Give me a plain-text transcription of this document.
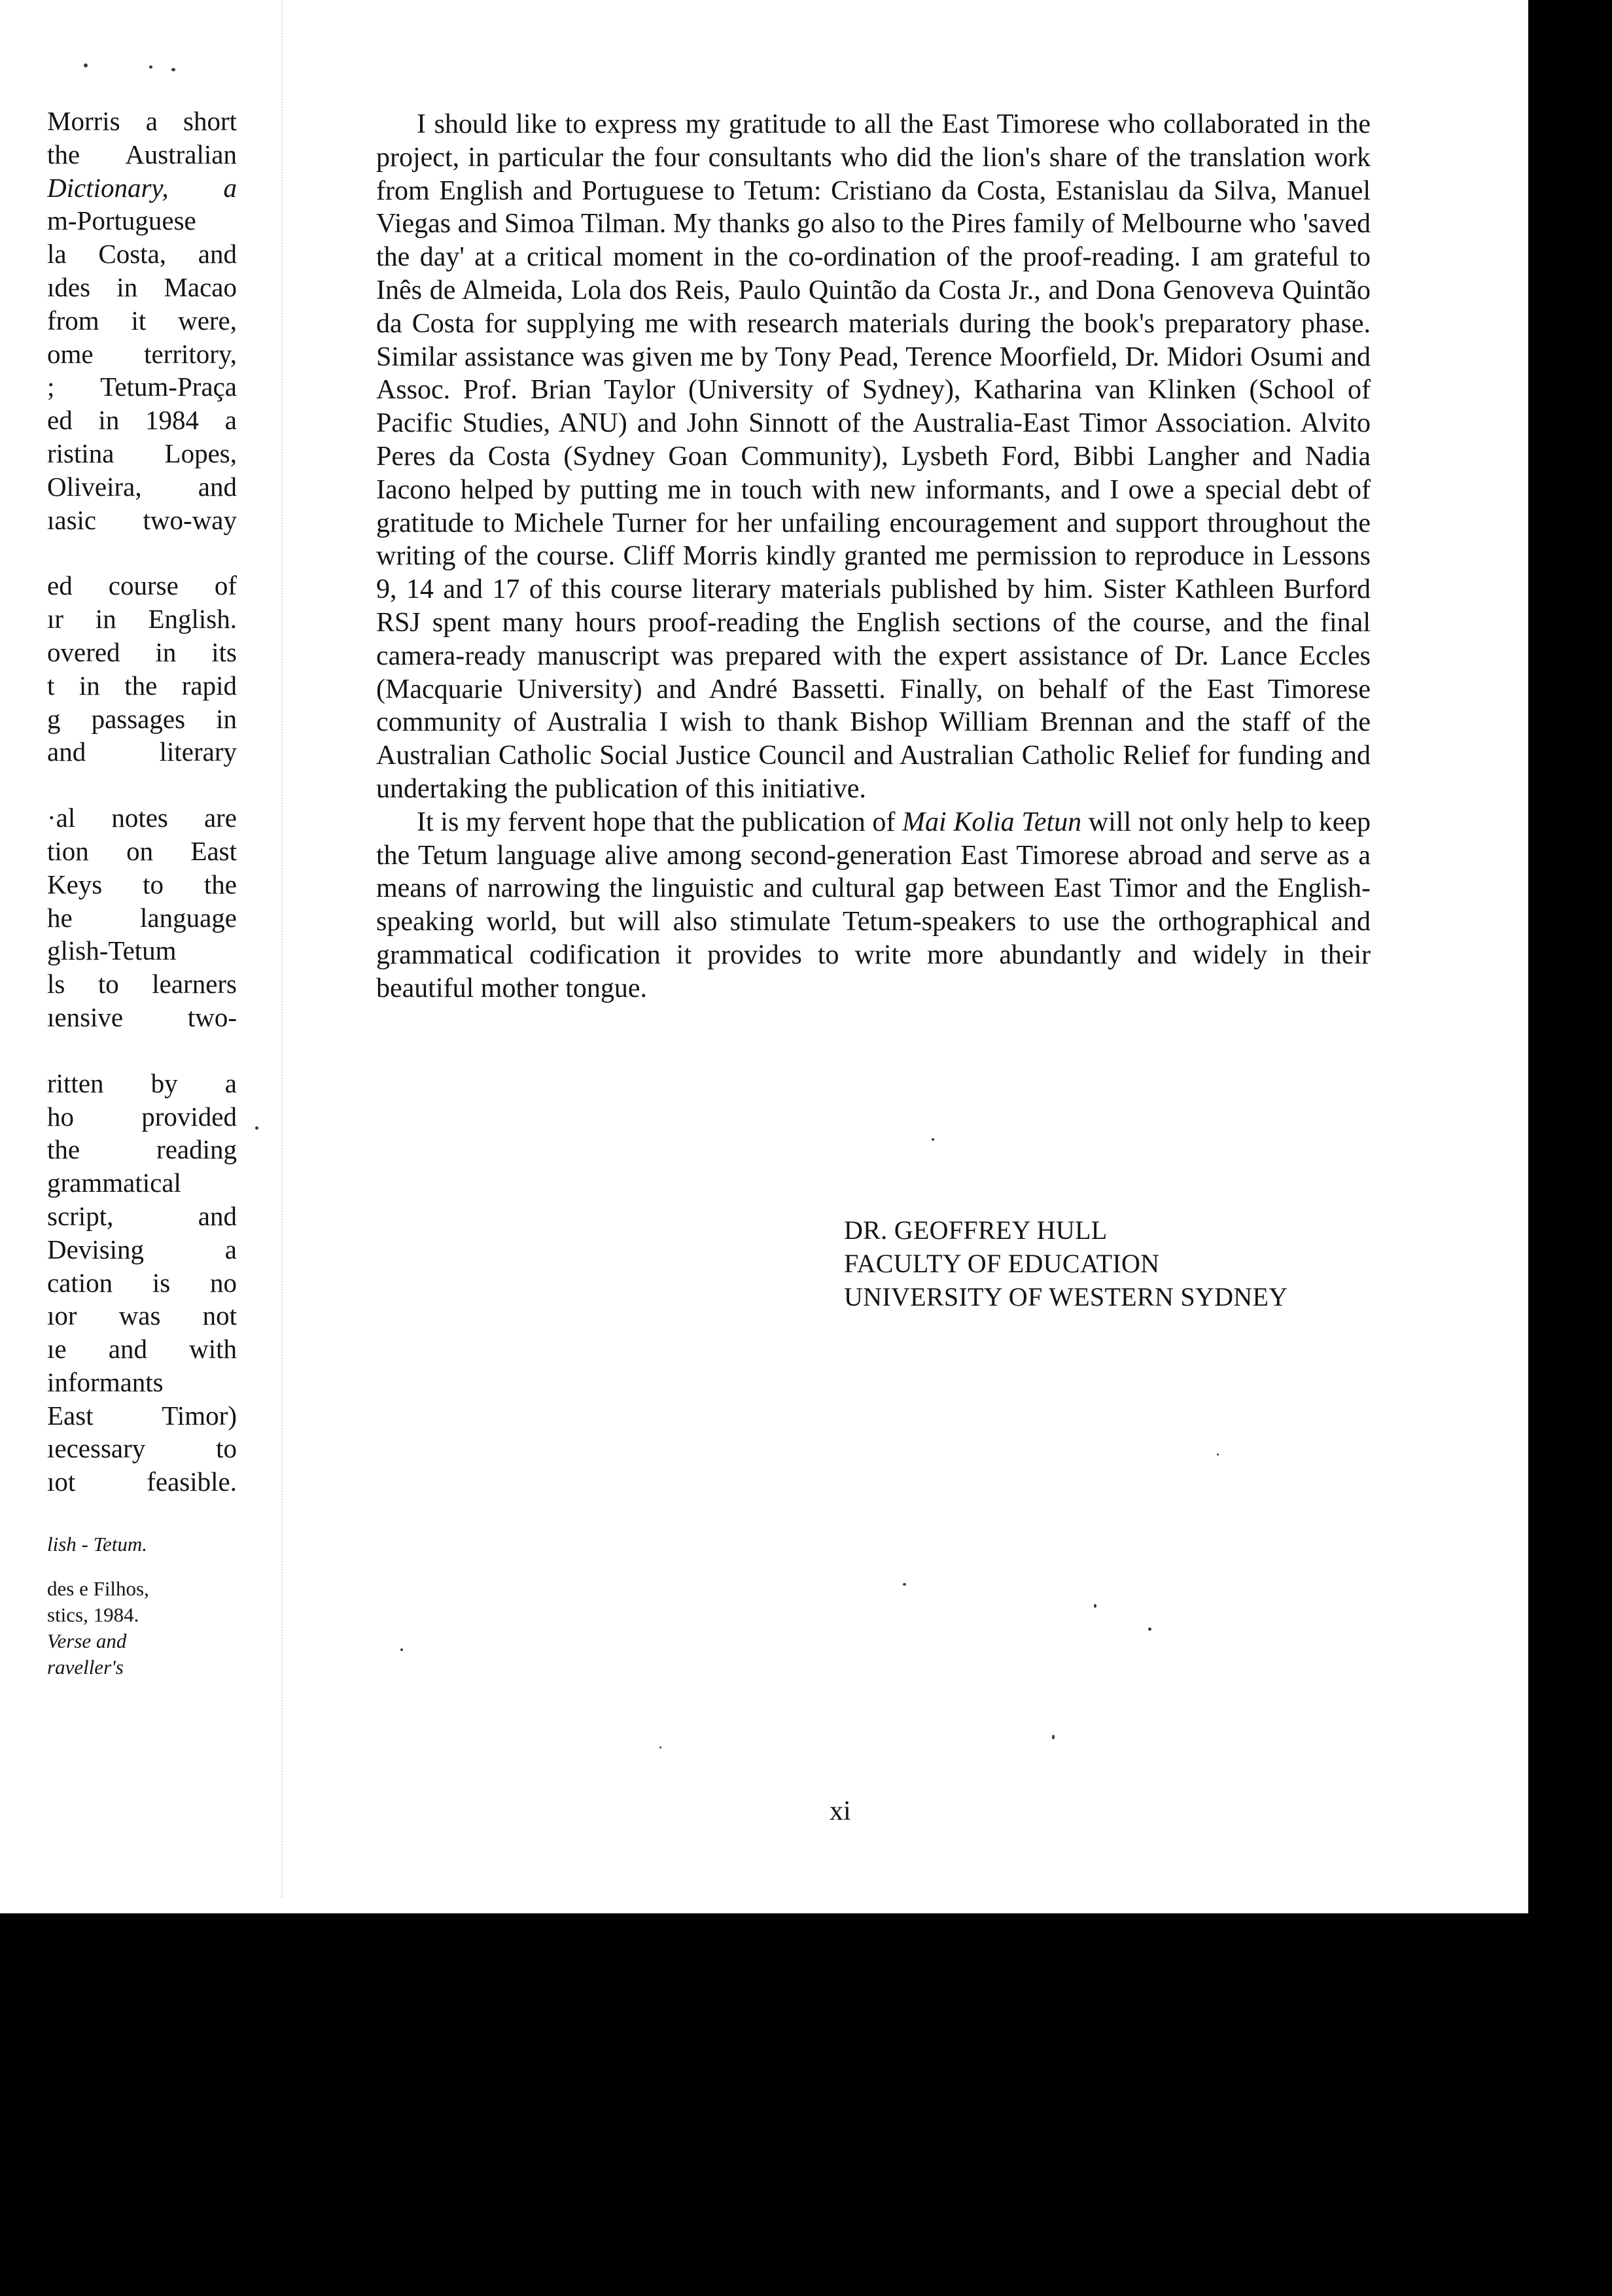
Morris a short
the Australian
Dictionary, a
m-Portuguese
la Costa, and
ıdes in Macao
from it were,
ome territory,
; Tetum-Praça
ed in 1984 a
ristina Lopes,
Oliveira, and
ıasic two-way
ed course of
ır in English.
overed in its
t in the rapid
g passages in
and literary
·al notes are
tion on East
Keys to the
he language
glish-Tetum
ls to learners
ıensive two-
ritten by a
ho provided
the reading
grammatical
script, and
Devising a
cation is no
ıor was not
ıe and with
informants
East Timor)
ıecessary to
ıot feasible.
lish - Tetum.
des e Filhos,
stics, 1984.
Verse and
raveller's

I should like to express my gratitude to all the East Timorese who collaborated in the project, in particular the four consultants who did the lion's share of the translation work from English and Portuguese to Tetum: Cristiano da Costa, Estanislau da Silva, Manuel Viegas and Simoa Tilman. My thanks go also to the Pires family of Melbourne who 'saved the day' at a critical moment in the co-ordination of the proof-reading. I am grateful to Inês de Almeida, Lola dos Reis, Paulo Quintão da Costa Jr., and Dona Genoveva Quintão da Costa for supplying me with research materials during the book's preparatory phase. Similar assistance was given me by Tony Pead, Terence Moorfield, Dr. Midori Osumi and Assoc. Prof. Brian Taylor (University of Sydney), Katharina van Klinken (School of Pacific Studies, ANU) and John Sinnott of the Australia-East Timor Association. Alvito Peres da Costa (Sydney Goan Community), Lysbeth Ford, Bibbi Langher and Nadia Iacono helped by putting me in touch with new informants, and I owe a special debt of gratitude to Michele Turner for her unfailing encouragement and support throughout the writing of the course. Cliff Morris kindly granted me permission to reproduce in Lessons 9, 14 and 17 of this course literary materials published by him. Sister Kathleen Burford RSJ spent many hours proof-reading the English sections of the course, and the final camera-ready manuscript was prepared with the expert assistance of Dr. Lance Eccles (Macquarie University) and André Bassetti. Finally, on behalf of the East Timorese community of Australia I wish to thank Bishop William Brennan and the staff of the Australian Catholic Social Justice Council and Australian Catholic Relief for funding and undertaking the publication of this initiative.

It is my fervent hope that the publication of Mai Kolia Tetun will not only help to keep the Tetum language alive among second-generation East Timorese abroad and serve as a means of narrowing the linguistic and cultural gap between East Timor and the English-speaking world, but will also stimulate Tetum-speakers to use the orthographical and grammatical codification it provides to write more abundantly and widely in their beautiful mother tongue.

DR. GEOFFREY HULL
FACULTY OF EDUCATION
UNIVERSITY OF WESTERN SYDNEY
xi
